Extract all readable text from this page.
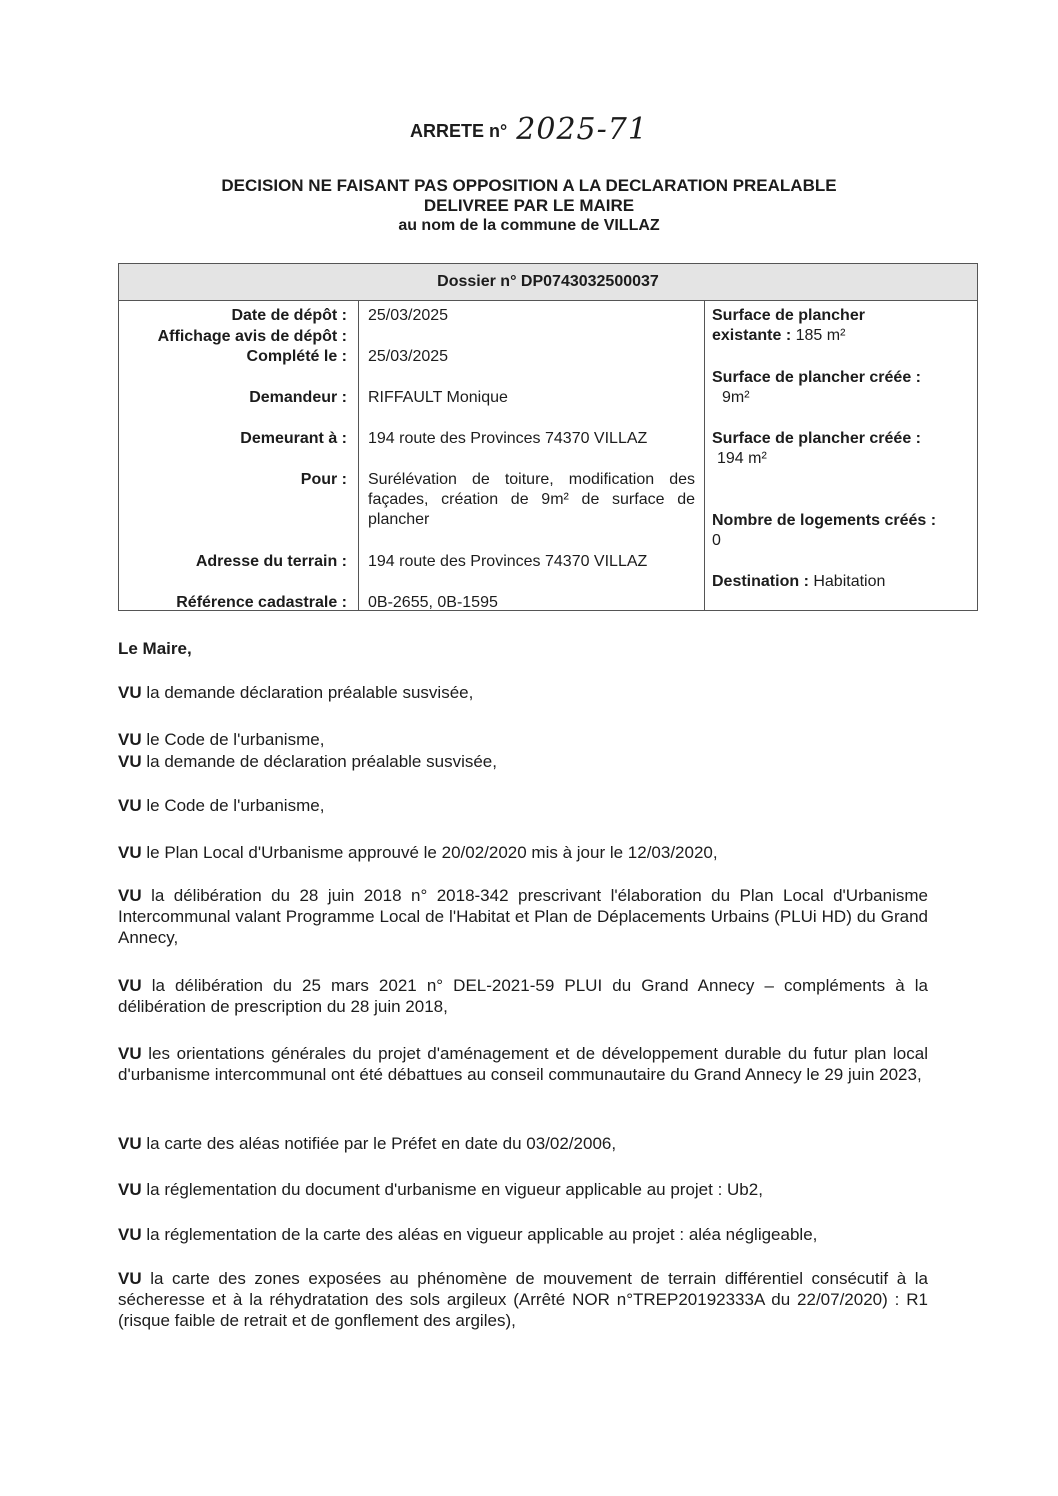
ARRETE n° 2025-71
DECISION NE FAISANT PAS OPPOSITION A LA DECLARATION PREALABLE
DELIVREE PAR LE MAIRE
au nom de la commune de VILLAZ
Dossier n° DP0743032500037
Date de dépôt : 25/03/2025
Affichage avis de dépôt :
Complété le : 25/03/2025
Demandeur : RIFFAULT Monique
Demeurant à : 194 route des Provinces 74370 VILLAZ
Pour : Surélévation de toiture, modification des façades, création de 9m² de surface de plancher
Adresse du terrain : 194 route des Provinces 74370 VILLAZ
Référence cadastrale : 0B-2655, 0B-1595
Surface de plancher
existante : 185 m²
Surface de plancher créée :
9m²
Surface de plancher créée :
194 m²
Nombre de logements créés :
0
Destination : Habitation
Le Maire,
VU la demande déclaration préalable susvisée,
VU le Code de l'urbanisme,
VU la demande de déclaration préalable susvisée,
VU le Code de l'urbanisme,
VU le Plan Local d'Urbanisme approuvé le 20/02/2020 mis à jour le 12/03/2020,
VU la délibération du 28 juin 2018 n° 2018-342 prescrivant l'élaboration du Plan Local d'Urbanisme Intercommunal valant Programme Local de l'Habitat et Plan de Déplacements Urbains (PLUi HD) du Grand Annecy,
VU la délibération du 25 mars 2021 n° DEL-2021-59 PLUI du Grand Annecy – compléments à la délibération de prescription du 28 juin 2018,
VU les orientations générales du projet d'aménagement et de développement durable du futur plan local d'urbanisme intercommunal ont été débattues au conseil communautaire du Grand Annecy le 29 juin 2023,
VU la carte des aléas notifiée par le Préfet en date du 03/02/2006,
VU la réglementation du document d'urbanisme en vigueur applicable au projet : Ub2,
VU la réglementation de la carte des aléas en vigueur applicable au projet : aléa négligeable,
VU la carte des zones exposées au phénomène de mouvement de terrain différentiel consécutif à la sécheresse et à la réhydratation des sols argileux (Arrêté NOR n°TREP20192333A du 22/07/2020) : R1 (risque faible de retrait et de gonflement des argiles),
